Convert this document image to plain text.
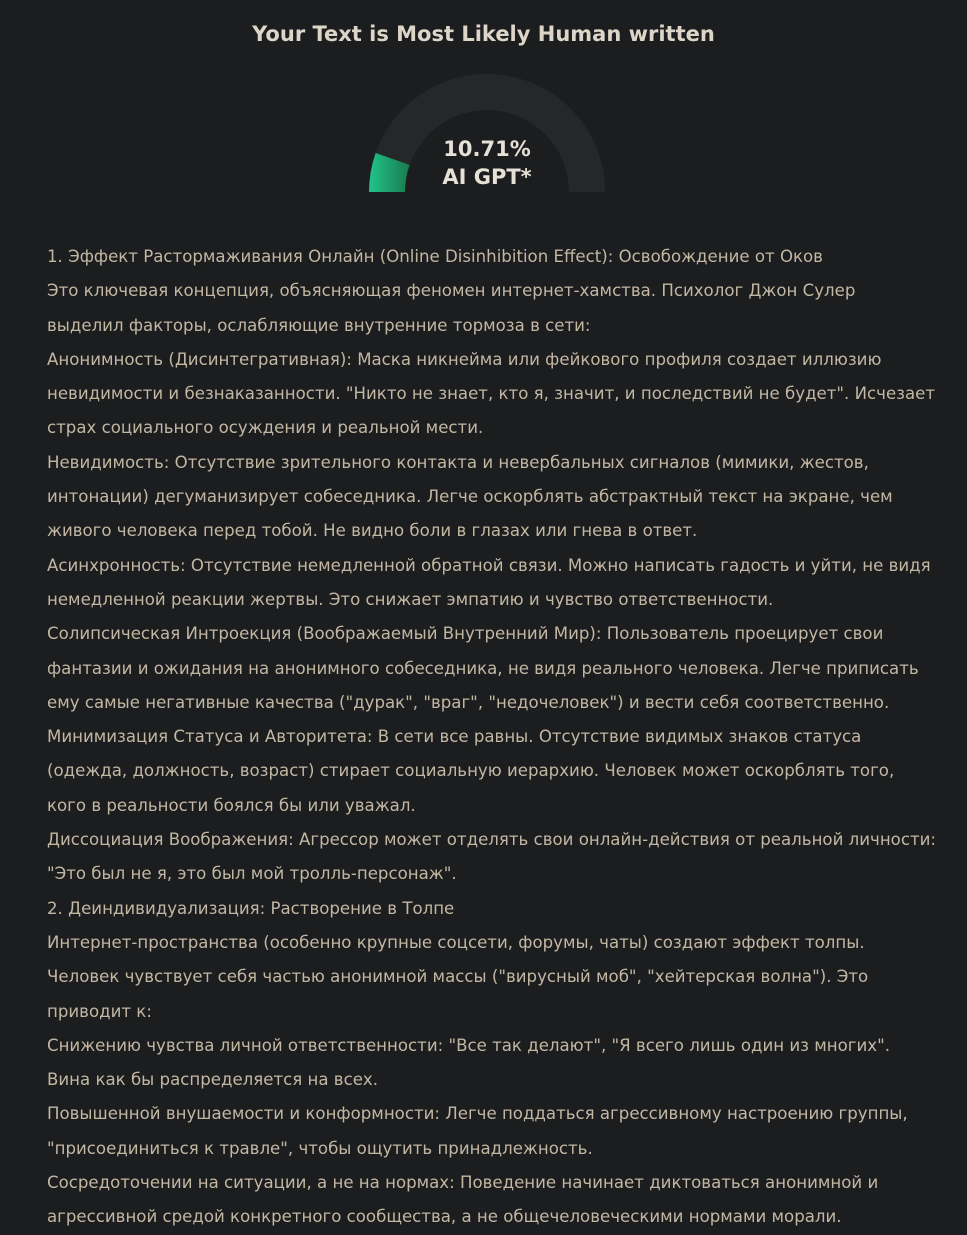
Your Text is Most Likely Human written
10.71%
AI GPT*

1. Эффект Растормаживания Онлайн (Online Disinhibition Effect): Освобождение от Оков

Это ключевая концепция, объясняющая феномен интернет-хамства. Психолог Джон Сулер выделил факторы, ослабляющие внутренние тормоза в сети:

Анонимность (Дисинтегративная): Маска никнейма или фейкового профиля создает иллюзию невидимости и безнаказанности. "Никто не знает, кто я, значит, и последствий не будет". Исчезает страх социального осуждения и реальной мести.

Невидимость: Отсутствие зрительного контакта и невербальных сигналов (мимики, жестов, интонации) дегуманизирует собеседника. Легче оскорблять абстрактный текст на экране, чем живого человека перед тобой. Не видно боли в глазах или гнева в ответ.

Асинхронность: Отсутствие немедленной обратной связи. Можно написать гадость и уйти, не видя немедленной реакции жертвы. Это снижает эмпатию и чувство ответственности.

Солипсическая Интроекция (Воображаемый Внутренний Мир): Пользователь проецирует свои фантазии и ожидания на анонимного собеседника, не видя реального человека. Легче приписать ему самые негативные качества ("дурак", "враг", "недочеловек") и вести себя соответственно.

Минимизация Статуса и Авторитета: В сети все равны. Отсутствие видимых знаков статуса (одежда, должность, возраст) стирает социальную иерархию. Человек может оскорблять того, кого в реальности боялся бы или уважал.

Диссоциация Воображения: Агрессор может отделять свои онлайн-действия от реальной личности: "Это был не я, это был мой тролль-персонаж".

2. Деиндивидуализация: Растворение в Толпе

Интернет-пространства (особенно крупные соцсети, форумы, чаты) создают эффект толпы. Человек чувствует себя частью анонимной массы ("вирусный моб", "хейтерская волна"). Это приводит к:

Снижению чувства личной ответственности: "Все так делают", "Я всего лишь один из многих". Вина как бы распределяется на всех.

Повышенной внушаемости и конформности: Легче поддаться агрессивному настроению группы, "присоединиться к травле", чтобы ощутить принадлежность.

Сосредоточении на ситуации, а не на нормах: Поведение начинает диктоваться анонимной и агрессивной средой конкретного сообщества, а не общечеловеческими нормами морали.
